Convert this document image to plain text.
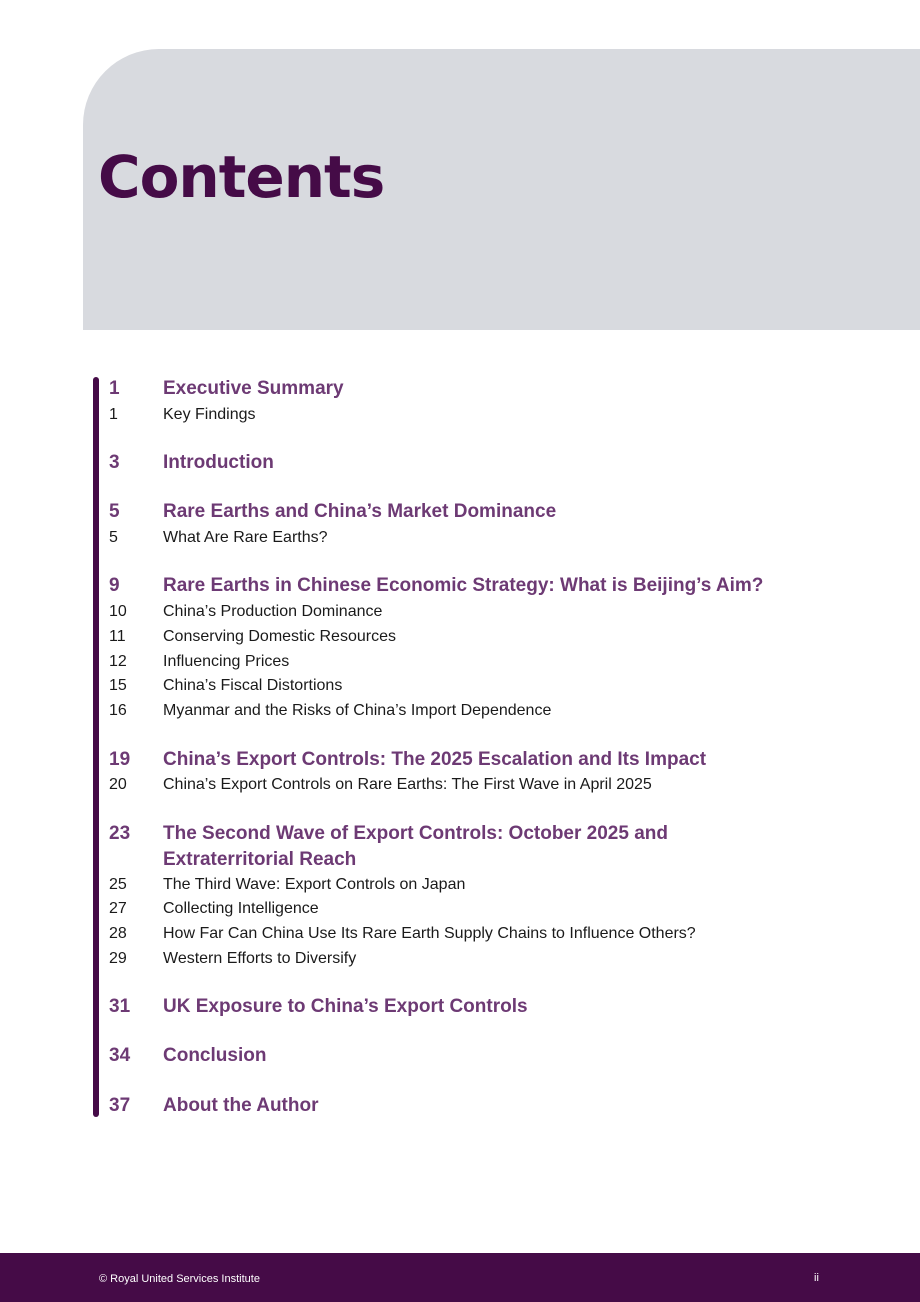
Contents
1 Executive Summary
1	Key Findings
3 Introduction
5 Rare Earths and China’s Market Dominance
5	What Are Rare Earths?
9 Rare Earths in Chinese Economic Strategy: What is Beijing’s Aim?
10 China’s Production Dominance
11 Conserving Domestic Resources
12 Influencing Prices
15 China’s Fiscal Distortions
16 Myanmar and the Risks of China’s Import Dependence
19 China’s Export Controls: The 2025 Escalation and Its Impact
20 China’s Export Controls on Rare Earths: The First Wave in April 2025
23 The Second Wave of Export Controls: October 2025 and
Extraterritorial Reach
25 The Third Wave: Export Controls on Japan
27 Collecting Intelligence
28 How Far Can China Use Its Rare Earth Supply Chains to Influence Others?
29 Western Efforts to Diversify
31 UK Exposure to China’s Export Controls
34 Conclusion
37 About the Author
© Royal United Services Institute	ii
